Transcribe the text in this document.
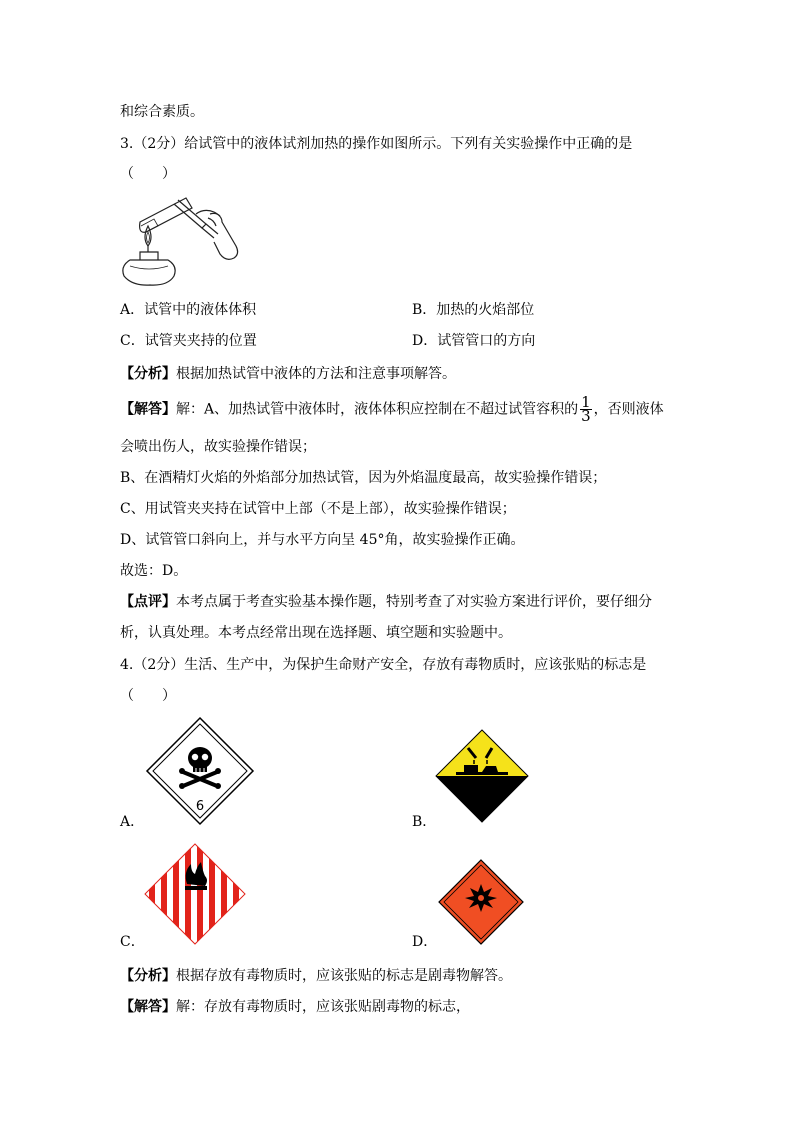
和综合素质。
3.（2分）给试管中的液体试剂加热的操作如图所示。下列有关实验操作中正确的是
（　　）
A．试管中的液体体积	B．加热的火焰部位
C．试管夹夹持的位置	D．试管管口的方向
【分析】根据加热试管中液体的方法和注意事项解答。
【解答】解：A、加热试管中液体时，液体体积应控制在不超过试管容积的 $\frac{1}{3}$ ，否则液体
会喷出伤人，故实验操作错误；
B、在酒精灯火焰的外焰部分加热试管，因为外焰温度最高，故实验操作错误；
C、用试管夹夹持在试管中上部（不是上部），故实验操作错误；
D、试管管口斜向上，并与水平方向呈 45°角，故实验操作正确。
故选：D。
【点评】本考点属于考查实验基本操作题，特别考查了对实验方案进行评价，要仔细分
析，认真处理。本考点经常出现在选择题、填空题和实验题中。
4.（2分）生活、生产中，为保护生命财产安全，存放有毒物质时，应该张贴的标志是
（　　）
6
A．	B．
C．	D．
【分析】根据存放有毒物质时，应该张贴的标志是剧毒物解答。
【解答】解：存放有毒物质时，应该张贴剧毒物的标志，
